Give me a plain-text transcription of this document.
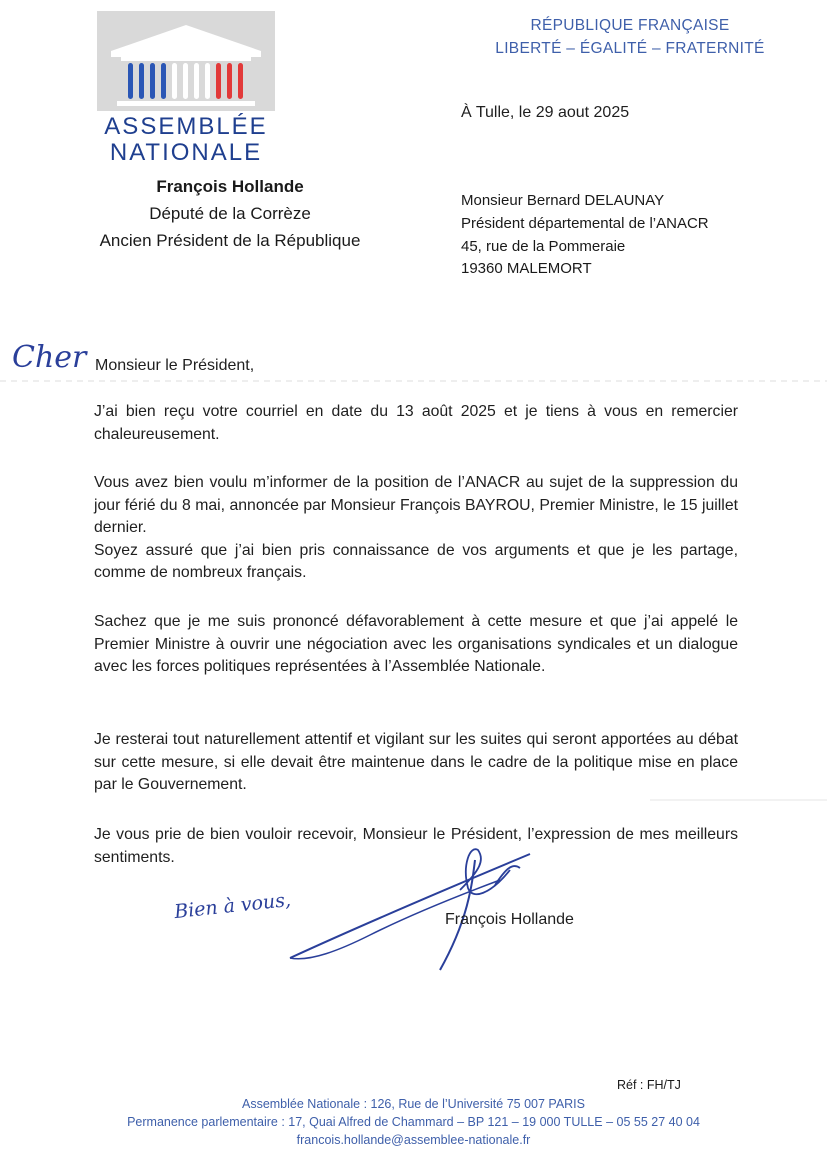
ASSEMBLÉE
NATIONALE
François Hollande
Député de la Corrèze
Ancien Président de la République
RÉPUBLIQUE FRANÇAISE
LIBERTÉ – ÉGALITÉ – FRATERNITÉ
À Tulle, le 29 aout 2025
Monsieur Bernard DELAUNAY
Président départemental de l’ANACR
45, rue de la Pommeraie
19360 MALEMORT
Cher Monsieur le Président,
J’ai bien reçu votre courriel en date du 13 août 2025 et je tiens à vous en remercier chaleureusement.
Vous avez bien voulu m’informer de la position de l’ANACR au sujet de la suppression du jour férié du 8 mai, annoncée par Monsieur François BAYROU, Premier Ministre, le 15 juillet dernier.
Soyez assuré que j’ai bien pris connaissance de vos arguments et que je les partage, comme de nombreux français.
Sachez que je me suis prononcé défavorablement à cette mesure et que j’ai appelé le Premier Ministre à ouvrir une négociation avec les organisations syndicales et un dialogue avec les forces politiques représentées à l’Assemblée Nationale.
Je resterai tout naturellement attentif et vigilant sur les suites qui seront apportées au débat sur cette mesure, si elle devait être maintenue dans le cadre de la politique mise en place par le Gouvernement.
Je vous prie de bien vouloir recevoir, Monsieur le Président, l’expression de mes meilleurs sentiments.
Bien à vous,	François Hollande
Réf : FH/TJ
Assemblée Nationale : 126, Rue de l’Université 75 007 PARIS
Permanence parlementaire : 17, Quai Alfred de Chammard – BP 121 – 19 000 TULLE – 05 55 27 40 04
francois.hollande@assemblee-nationale.fr
